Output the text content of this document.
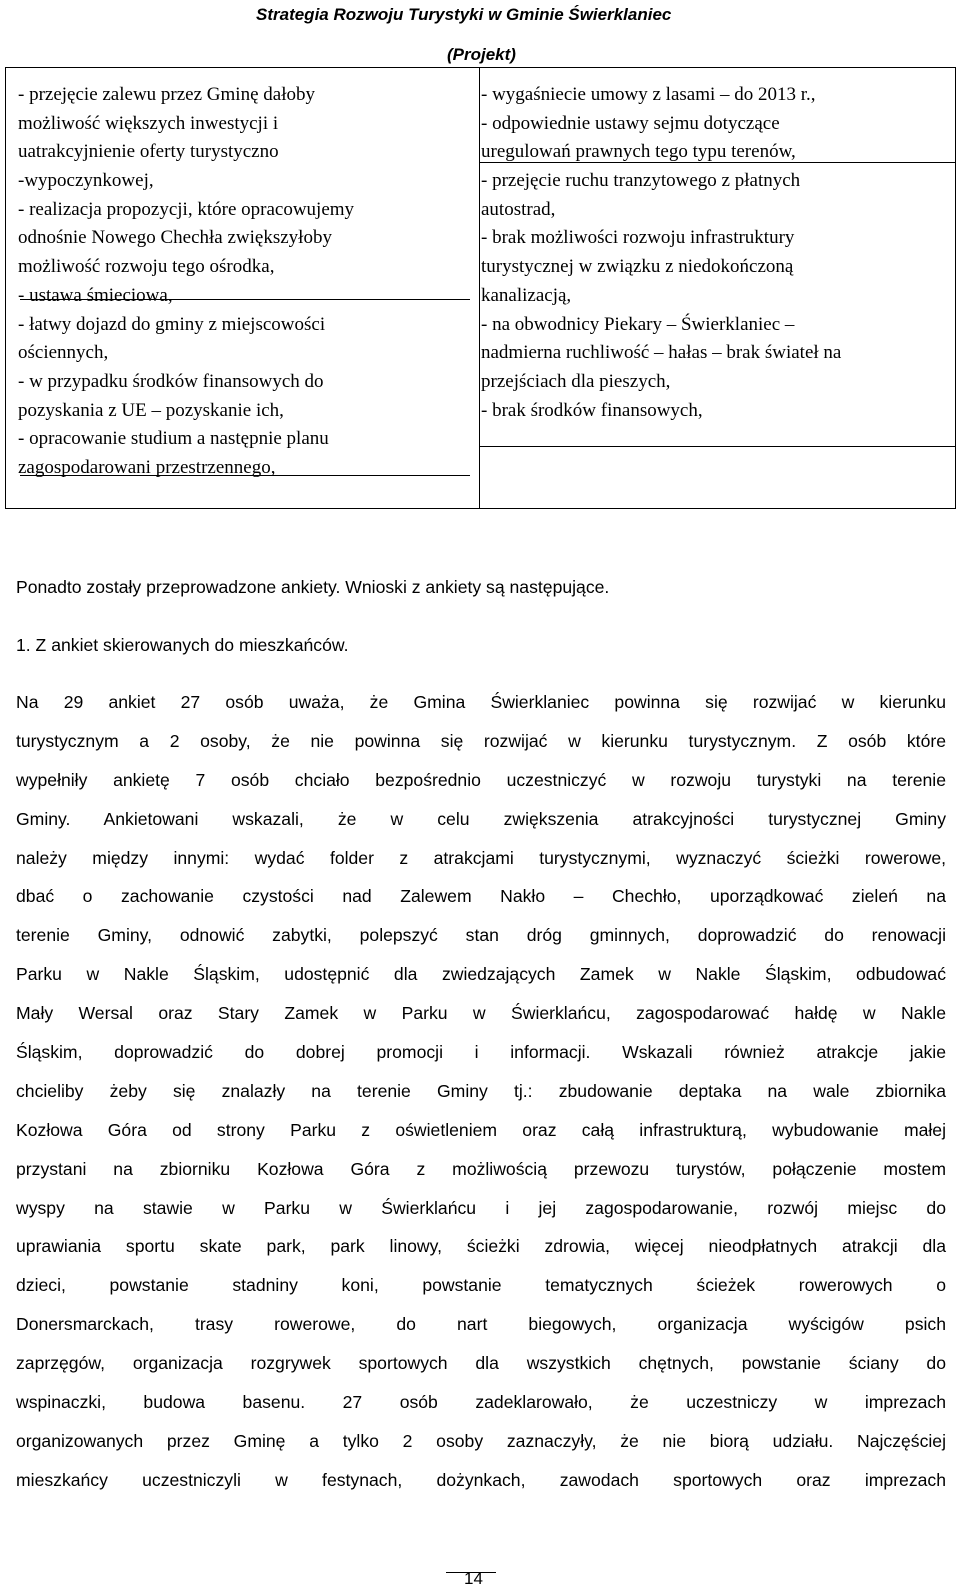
Strategia Rozwoju Turystyki w Gminie Świerklaniec
(Projekt)
- przejęcie zalewu przez Gminę dałoby
możliwość większych inwestycji i
uatrakcyjnienie oferty turystyczno
-wypoczynkowej,
- realizacja propozycji, które opracowujemy
odnośnie Nowego Chechła zwiększyłoby
możliwość rozwoju tego ośrodka,
- ustawa śmieciowa,
- łatwy dojazd do gminy z miejscowości
ościennych,
- w przypadku środków finansowych do
pozyskania z UE – pozyskanie ich,
- opracowanie studium a następnie planu
zagospodarowani przestrzennego,
- wygaśniecie umowy z lasami – do 2013 r.,
- odpowiednie ustawy sejmu dotyczące
uregulowań prawnych tego typu terenów,
- przejęcie ruchu tranzytowego z płatnych
autostrad,
- brak możliwości rozwoju infrastruktury
turystycznej w związku z niedokończoną
kanalizacją,
- na obwodnicy Piekary – Świerklaniec –
nadmierna ruchliwość – hałas – brak świateł na
przejściach dla pieszych,
- brak środków finansowych,
Ponadto zostały przeprowadzone ankiety. Wnioski z ankiety są następujące.
1. Z ankiet skierowanych do mieszkańców.
Na 29 ankiet 27 osób uważa, że Gmina Świerklaniec powinna się rozwijać w kierunku
turystycznym a 2 osoby, że nie powinna się rozwijać w kierunku turystycznym. Z osób które
wypełniły ankietę 7 osób chciało bezpośrednio uczestniczyć w rozwoju turystyki na terenie
Gminy. Ankietowani wskazali, że w celu zwiększenia atrakcyjności turystycznej Gminy
należy między innymi: wydać folder z atrakcjami turystycznymi, wyznaczyć ścieżki rowerowe,
dbać o zachowanie czystości nad Zalewem Nakło – Chechło, uporządkować zieleń na
terenie Gminy, odnowić zabytki, polepszyć stan dróg gminnych, doprowadzić do renowacji
Parku w Nakle Śląskim, udostępnić dla zwiedzających Zamek w Nakle Śląskim, odbudować
Mały Wersal oraz Stary Zamek w Parku w Świerklańcu, zagospodarować hałdę w Nakle
Śląskim, doprowadzić do dobrej promocji i informacji. Wskazali również atrakcje jakie
chcieliby żeby się znalazły na terenie Gminy tj.: zbudowanie deptaka na wale zbiornika
Kozłowa Góra od strony Parku z oświetleniem oraz całą infrastrukturą, wybudowanie małej
przystani na zbiorniku Kozłowa Góra z możliwością przewozu turystów, połączenie mostem
wyspy na stawie w Parku w Świerklańcu i jej zagospodarowanie, rozwój miejsc do
uprawiania sportu skate park, park linowy, ścieżki zdrowia, więcej nieodpłatnych atrakcji dla
dzieci, powstanie stadniny koni, powstanie tematycznych ścieżek rowerowych o
Donersmarckach, trasy rowerowe, do nart biegowych, organizacja wyścigów psich
zaprzęgów, organizacja rozgrywek sportowych dla wszystkich chętnych, powstanie ściany do
wspinaczki, budowa basenu. 27 osób zadeklarowało, że uczestniczy w imprezach
organizowanych przez Gminę a tylko 2 osoby zaznaczyły, że nie biorą udziału. Najczęściej
mieszkańcy uczestniczyli w festynach, dożynkach, zawodach sportowych oraz imprezach
14
